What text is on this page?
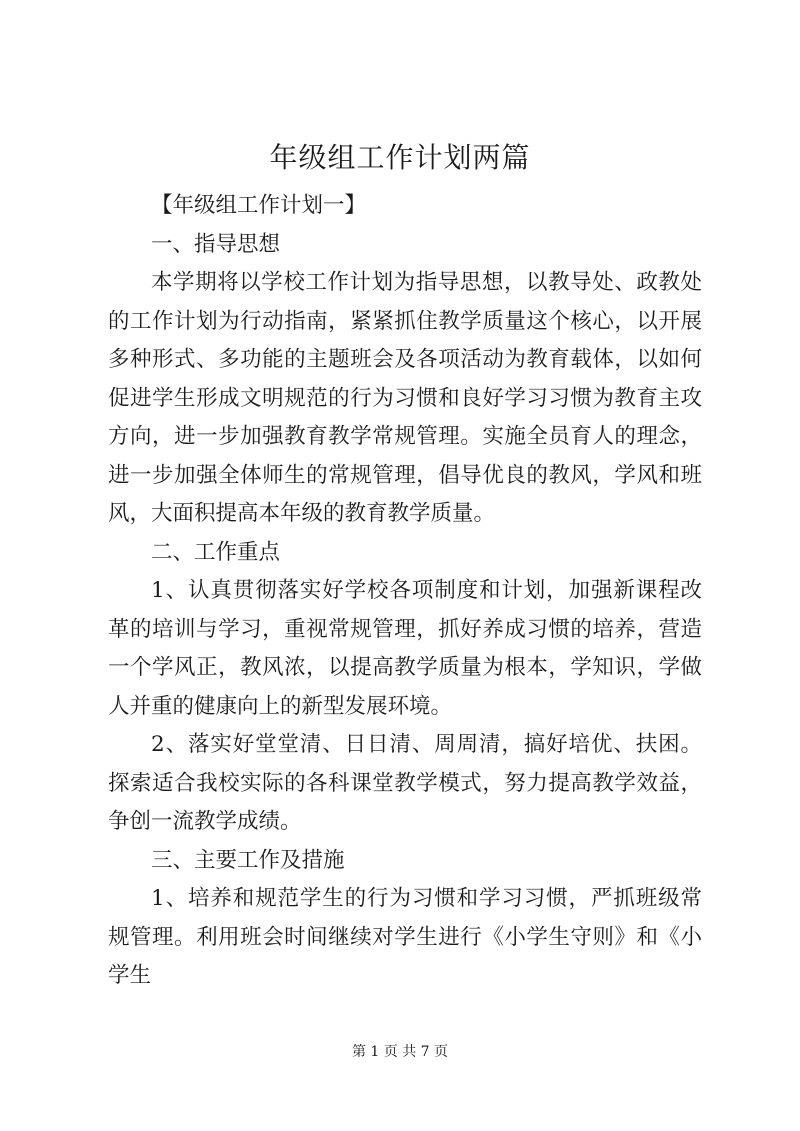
年级组工作计划两篇

【年级组工作计划一】

一、指导思想

本学期将以学校工作计划为指导思想，以教导处、政教处的工作计划为行动指南，紧紧抓住教学质量这个核心，以开展多种形式、多功能的主题班会及各项活动为教育载体，以如何促进学生形成文明规范的行为习惯和良好学习习惯为教育主攻方向，进一步加强教育教学常规管理。实施全员育人的理念，进一步加强全体师生的常规管理，倡导优良的教风，学风和班风，大面积提高本年级的教育教学质量。

二、工作重点

1、认真贯彻落实好学校各项制度和计划，加强新课程改革的培训与学习，重视常规管理，抓好养成习惯的培养，营造一个学风正，教风浓，以提高教学质量为根本，学知识，学做人并重的健康向上的新型发展环境。

2、落实好堂堂清、日日清、周周清，搞好培优、扶困。探索适合我校实际的各科课堂教学模式，努力提高教学效益，争创一流教学成绩。

三、主要工作及措施

1、培养和规范学生的行为习惯和学习习惯，严抓班级常规管理。利用班会时间继续对学生进行《小学生守则》和《小学生

第 1 页 共 7 页
